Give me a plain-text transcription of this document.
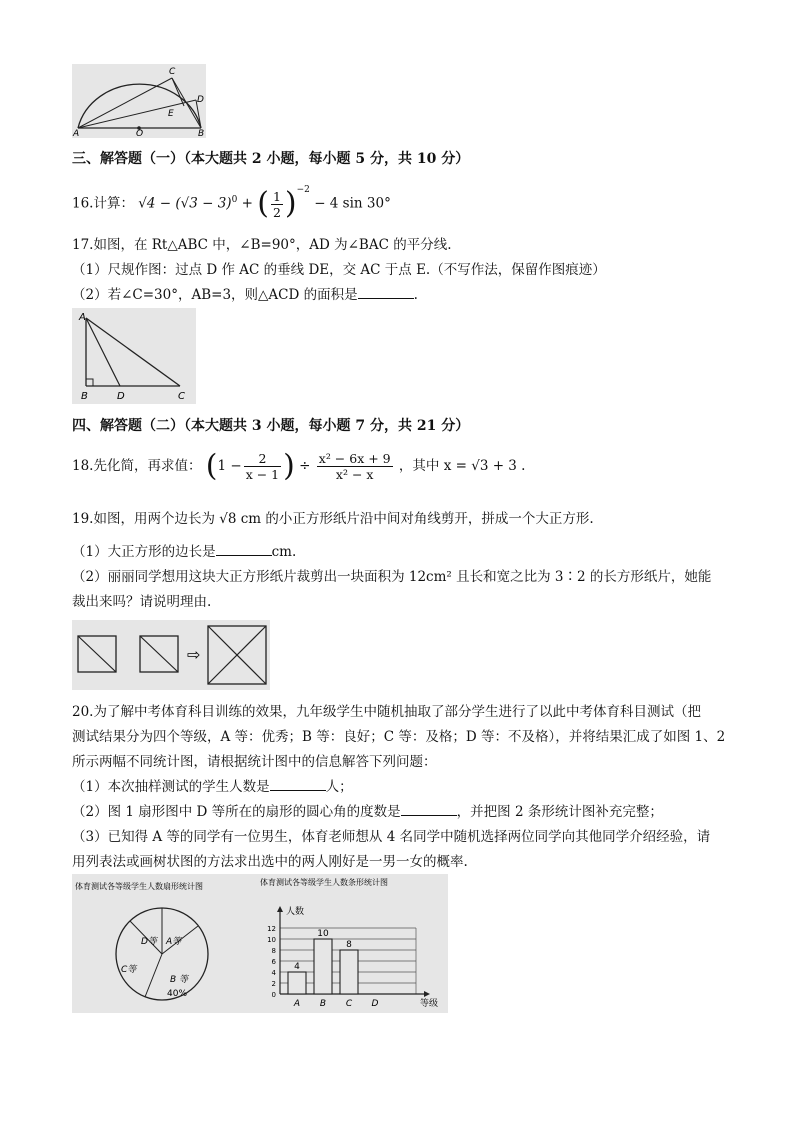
C
D
E
A	O	B
三、解答题（一）（本大题共 2 小题，每小题 5 分，共 10 分）
16.计算： $√4 - (√3 - 3)^0$ + ( $\frac{1}{2} )^{-2} - 4$ sin 30°
17.如图，在 Rt△ABC 中，∠B=90°，AD 为∠BAC 的平分线.
（1）尺规作图：过点 D 作 AC 的垂线 DE，交 AC 于点 E.（不写作法，保留作图痕迹）
（2）若∠C=30°，AB=3，则△ACD 的面积是	.
A
B	D	C
四、解答题（二）（本大题共 3 小题，每小题 7 分，共 21 分）
18.先化简，再求值： ($1 - \frac{2}{x - 1}$ ) ÷ $\frac{\text{x² − 6x + 9}}{\text{x² − x}}$ ，其中 x = √3 + 3 .
19.如图，用两个边长为 √8 cm 的小正方形纸片沿中间对角线剪开，拼成一个大正方形.
（1）大正方形的边长是	cm.
（2）丽丽同学想用这块大正方形纸片裁剪出一块面积为 12cm² 且长和宽之比为 3∶2 的长方形纸片，她能
裁出来吗？请说明理由.
⇨
20.为了解中考体育科目训练的效果，九年级学生中随机抽取了部分学生进行了以此中考体育科目测试（把
测试结果分为四个等级，A 等：优秀；B 等：良好；C 等：及格；D 等：不及格），并将结果汇成了如图 1、2
所示两幅不同统计图，请根据统计图中的信息解答下列问题：
（1）本次抽样测试的学生人数是	人；
（2）图 1 扇形图中 D 等所在的扇形的圆心角的度数是	，并把图 2 条形统计图补充完整；
（3）已知得 A 等的同学有一位男生，体育老师想从 4 名同学中随机选择两位同学向其他同学介绍经验，请
用列表法或画树状图的方法求出选中的两人刚好是一男一女的概率.
体育测试各等级学生人数扇形统计图
D等 A等
C等
B 等
40%
体育测试各等级学生人数条形统计图
0
2
4
6
8
10
12
人数
等级
4
A
10
B
8
C D
